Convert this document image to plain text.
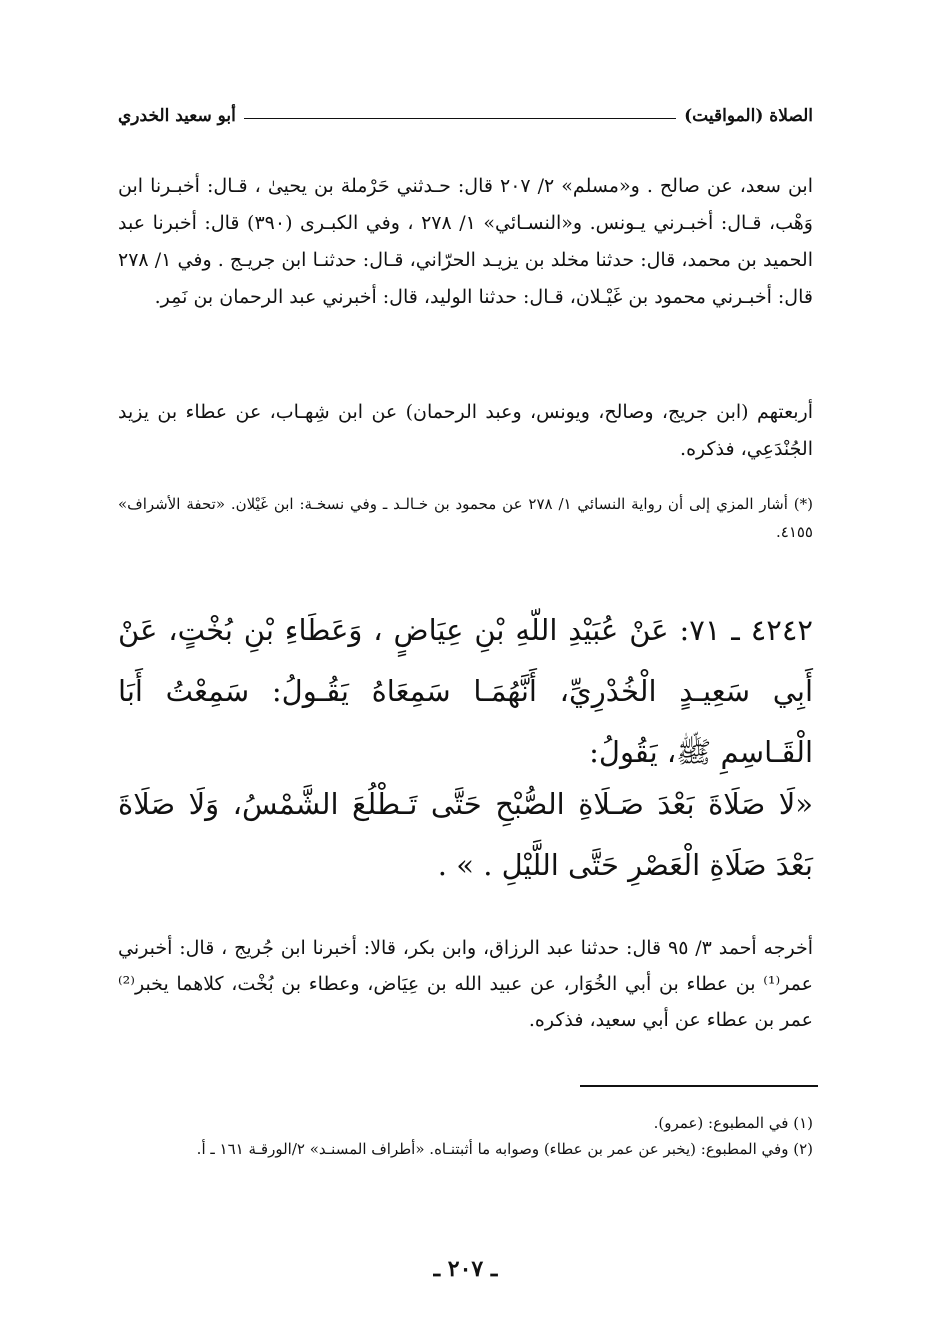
الصلاة (المواقيت)
أبو سعيد الخدري
ابن سعد، عن صالح . و«مسلم» ٢/ ٢٠٧ قال: حـدثني حَرْملة بن يحيىٰ ، قـال: أخبـرنا ابن وَهْب، قـال: أخبـرني يـونس. و«النسـائي» ١/ ٢٧٨ ، وفي الكبـرى (٣٩٠) قال: أخبرنا عبد الحميد بن محمد، قال: حدثنا مخلد بن يزيـد الحرّاني، قـال: حدثنـا ابن جريـج . وفي ١/ ٢٧٨ قال: أخبـرني محمود بن غَيْـلان، قـال: حدثنا الوليد، قال: أخبرني عبد الرحمان بن نَمِر.
أربعتهم (ابن جريج، وصالح، ويونس، وعبد الرحمان) عن ابن شِهـاب، عن عطاء بن يزيد الجُنْدَعِي، فذكره.
(*) أشار المزي إلى أن رواية النسائي ١/ ٢٧٨ عن محمود بن خـالـد ـ وفي نسخـة: ابن غَيْلان. «تحفة الأشراف» ٤١٥٥.
٤٢٤٢ ـ ٧١: عَنْ عُبَيْدِ اللّهِ بْنِ عِيَاضٍ ، وَعَطَاءِ بْنِ بُخْتٍ، عَنْ أَبِي سَعِيـدٍ الْخُدْرِيِّ، أَنَّهُمَـا سَمِعَاهُ يَقُـولُ: سَمِعْتُ أَبَا الْقَـاسِمِ ﷺ، يَقُولُ:
«لَا صَلَاةَ بَعْدَ صَـلَاةِ الصُّبْحِ حَتَّى تَـطْلُعَ الشَّمْسُ، وَلَا صَلَاةَ بَعْدَ صَلَاةِ الْعَصْرِ حَتَّى اللَّيْلِ . » .
أخرجه أحمد ٣/ ٩٥ قال: حدثنا عبد الرزاق، وابن بكر، قالا: أخبرنا ابن جُريج ، قال: أخبرني عمر⁽¹⁾ بن عطاء بن أبي الخُوَار، عن عبيد الله بن عِيَاض، وعطاء بن بُخْت، كلاهما يخبر⁽²⁾ عمر بن عطاء عن أبي سعيد، فذكره.
(١) في المطبوع: (عمرو).
(٢) وفي المطبوع: (يخبر عن عمر بن عطاء) وصوابه ما أثبتنـاه. «أطراف المسنـد» ٢/الورقـة ١٦١ ـ أ.
ـ ٢٠٧ ـ
